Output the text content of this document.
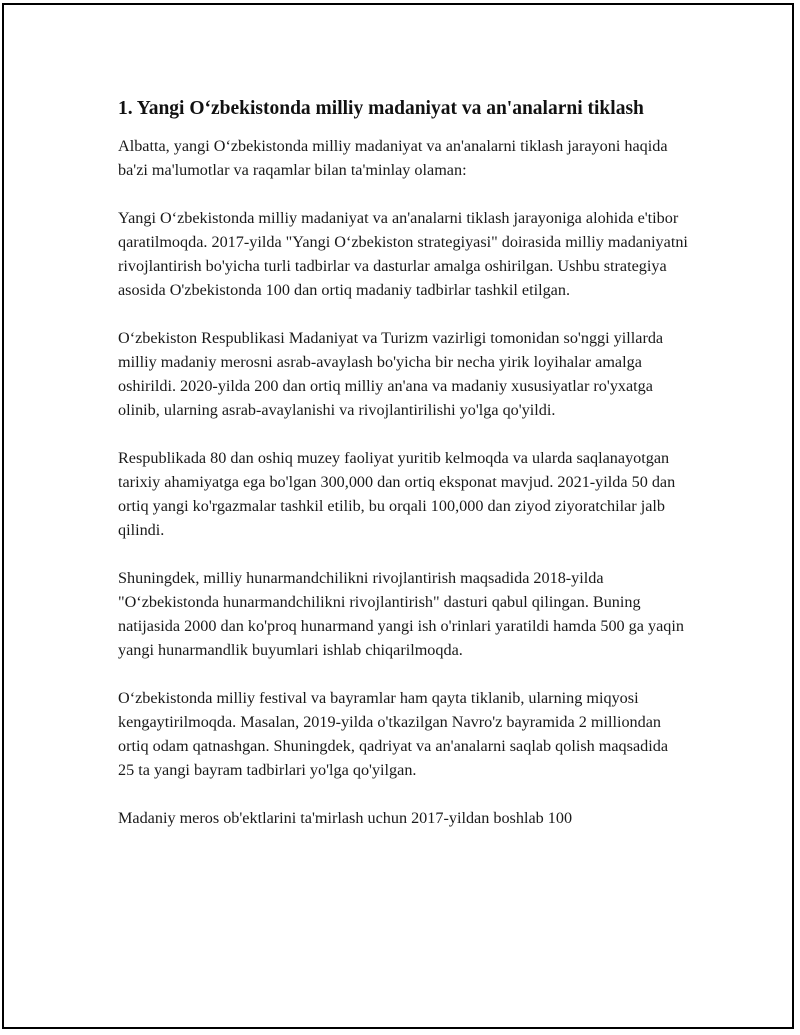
1. Yangi O‘zbekistonda milliy madaniyat va an'analarni tiklash

Albatta, yangi O‘zbekistonda milliy madaniyat va an'analarni tiklash jarayoni haqida ba'zi ma'lumotlar va raqamlar bilan ta'minlay olaman:

Yangi O‘zbekistonda milliy madaniyat va an'analarni tiklash jarayoniga alohida e'tibor qaratilmoqda. 2017-yilda "Yangi O‘zbekiston strategiyasi" doirasida milliy madaniyatni rivojlantirish bo'yicha turli tadbirlar va dasturlar amalga oshirilgan. Ushbu strategiya asosida O'zbekistonda 100 dan ortiq madaniy tadbirlar tashkil etilgan.

O‘zbekiston Respublikasi Madaniyat va Turizm vazirligi tomonidan so'nggi yillarda milliy madaniy merosni asrab-avaylash bo'yicha bir necha yirik loyihalar amalga oshirildi. 2020-yilda 200 dan ortiq milliy an'ana va madaniy xususiyatlar ro'yxatga olinib, ularning asrab-avaylanishi va rivojlantirilishi yo'lga qo'yildi.

Respublikada 80 dan oshiq muzey faoliyat yuritib kelmoqda va ularda saqlanayotgan tarixiy ahamiyatga ega bo'lgan 300,000 dan ortiq eksponat mavjud. 2021-yilda 50 dan ortiq yangi ko'rgazmalar tashkil etilib, bu orqali 100,000 dan ziyod ziyoratchilar jalb qilindi.

Shuningdek, milliy hunarmandchilikni rivojlantirish maqsadida 2018-yilda "O‘zbekistonda hunarmandchilikni rivojlantirish" dasturi qabul qilingan. Buning natijasida 2000 dan ko'proq hunarmand yangi ish o'rinlari yaratildi hamda 500 ga yaqin yangi hunarmandlik buyumlari ishlab chiqarilmoqda.

O‘zbekistonda milliy festival va bayramlar ham qayta tiklanib, ularning miqyosi kengaytirilmoqda. Masalan, 2019-yilda o'tkazilgan Navro'z bayramida 2 milliondan ortiq odam qatnashgan. Shuningdek, qadriyat va an'analarni saqlab qolish maqsadida 25 ta yangi bayram tadbirlari yo'lga qo'yilgan.

Madaniy meros ob'ektlarini ta'mirlash uchun 2017-yildan boshlab 100
